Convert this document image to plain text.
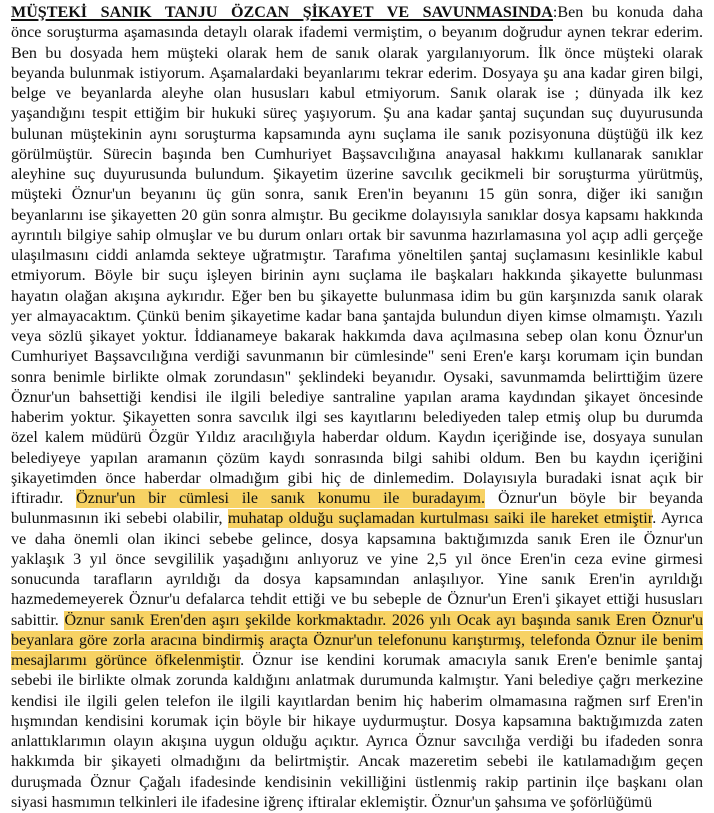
MÜŞTEKİ SANIK TANJU ÖZCAN ŞİKAYET VE SAVUNMASINDA:Ben bu konuda daha
önce soruşturma aşamasında detaylı olarak ifademi vermiştim, o beyanım doğrudur aynen tekrar ederim.
Ben bu dosyada hem müşteki olarak hem de sanık olarak yargılanıyorum. İlk önce müşteki olarak
beyanda bulunmak istiyorum. Aşamalardaki beyanlarımı tekrar ederim. Dosyaya şu ana kadar giren bilgi,
belge ve beyanlarda aleyhe olan hususları kabul etmiyorum. Sanık olarak ise ; dünyada ilk kez
yaşandığını tespit ettiğim bir hukuki süreç yaşıyorum. Şu ana kadar şantaj suçundan suç duyurusunda
bulunan müştekinin aynı soruşturma kapsamında aynı suçlama ile sanık pozisyonuna düştüğü ilk kez
görülmüştür. Sürecin başında ben Cumhuriyet Başsavcılığına anayasal hakkımı kullanarak sanıklar
aleyhine suç duyurusunda bulundum. Şikayetim üzerine savcılık gecikmeli bir soruşturma yürütmüş,
müşteki Öznur'un beyanını üç gün sonra, sanık Eren'in beyanını 15 gün sonra, diğer iki sanığın
beyanlarını ise şikayetten 20 gün sonra almıştır. Bu gecikme dolayısıyla sanıklar dosya kapsamı hakkında
ayrıntılı bilgiye sahip olmuşlar ve bu durum onları ortak bir savunma hazırlamasına yol açıp adli gerçeğe
ulaşılmasını ciddi anlamda sekteye uğratmıştır. Tarafıma yöneltilen şantaj suçlamasını kesinlikle kabul
etmiyorum. Böyle bir suçu işleyen birinin aynı suçlama ile başkaları hakkında şikayette bulunması
hayatın olağan akışına aykırıdır. Eğer ben bu şikayette bulunmasa idim bu gün karşınızda sanık olarak
yer almayacaktım. Çünkü benim şikayetime kadar bana şantajda bulundun diyen kimse olmamıştı. Yazılı
veya sözlü şikayet yoktur. İddianameye bakarak hakkımda dava açılmasına sebep olan konu Öznur'un
Cumhuriyet Başsavcılığına verdiği savunmanın bir cümlesinde" seni Eren'e karşı korumam için bundan
sonra benimle birlikte olmak zorundasın" şeklindeki beyanıdır. Oysaki, savunmamda belirttiğim üzere
Öznur'un bahsettiği kendisi ile ilgili belediye santraline yapılan arama kaydından şikayet öncesinde
haberim yoktur. Şikayetten sonra savcılık ilgi ses kayıtlarını belediyeden talep etmiş olup bu durumda
özel kalem müdürü Özgür Yıldız aracılığıyla haberdar oldum. Kaydın içeriğinde ise, dosyaya sunulan
belediyeye yapılan aramanın çözüm kaydı sonrasında bilgi sahibi oldum. Ben bu kaydın içeriğini
şikayetimden önce haberdar olmadığım gibi hiç de dinlemedim. Dolayısıyla buradaki isnat açık bir
iftiradır. Öznur'un bir cümlesi ile sanık konumu ile buradayım. Öznur'un böyle bir beyanda
bulunmasının iki sebebi olabilir, muhatap olduğu suçlamadan kurtulması saiki ile hareket etmiştir. Ayrıca
ve daha önemli olan ikinci sebebe gelince, dosya kapsamına baktığımızda sanık Eren ile Öznur'un
yaklaşık 3 yıl önce sevgililik yaşadığını anlıyoruz ve yine 2,5 yıl önce Eren'in ceza evine girmesi
sonucunda tarafların ayrıldığı da dosya kapsamından anlaşılıyor. Yine sanık Eren'in ayrıldığı
hazmedemeyerek Öznur'u defalarca tehdit ettiği ve bu sebeple de Öznur'un Eren'i şikayet ettiği hususları
sabittir. Öznur sanık Eren'den aşırı şekilde korkmaktadır. 2026 yılı Ocak ayı başında sanık Eren Öznur'u
beyanlara göre zorla aracına bindirmiş araçta Öznur'un telefonunu karıştırmış, telefonda Öznur ile benim
mesajlarımı görünce öfkelenmiştir. Öznur ise kendini korumak amacıyla sanık Eren'e benimle şantaj
sebebi ile birlikte olmak zorunda kaldığını anlatmak durumunda kalmıştır. Yani belediye çağrı merkezine
kendisi ile ilgili gelen telefon ile ilgili kayıtlardan benim hiç haberim olmamasına rağmen sırf Eren'in
hışmından kendisini korumak için böyle bir hikaye uydurmuştur. Dosya kapsamına baktığımızda zaten
anlattıklarımın olayın akışına uygun olduğu açıktır. Ayrıca Öznur savcılığa verdiği bu ifadeden sonra
hakkımda bir şikayeti olmadığını da belirtmiştir. Ancak mazeretim sebebi ile katılamadığım geçen
duruşmada Öznur Çağalı ifadesinde kendisinin vekilliğini üstlenmiş rakip partinin ilçe başkanı olan
siyasi hasmımın telkinleri ile ifadesine iğrenç iftiralar eklemiştir. Öznur'un şahsıma ve şoförlüğümü
